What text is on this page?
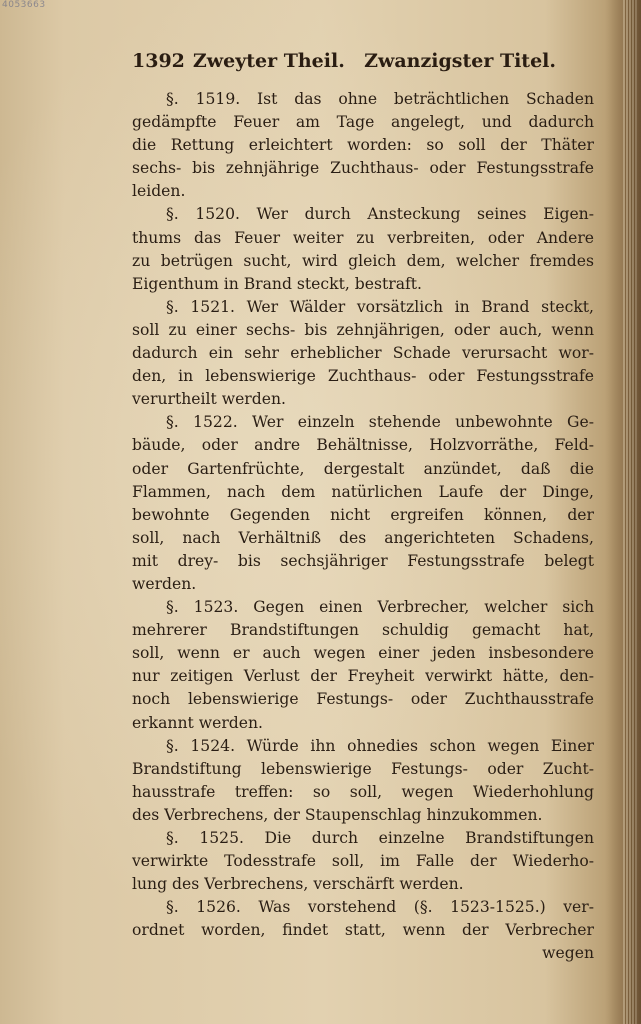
4053663
1392 Zweyter Theil. Zwanzigster Titel.
§. 1519. Ist das ohne beträchtlichen Schaden
gedämpfte Feuer am Tage angelegt, und dadurch
die Rettung erleichtert worden: so soll der Thäter
sechs- bis zehnjährige Zuchthaus- oder Festungsstrafe
leiden.
§. 1520. Wer durch Ansteckung seines Eigen-
thums das Feuer weiter zu verbreiten, oder Andere
zu betrügen sucht, wird gleich dem, welcher fremdes
Eigenthum in Brand steckt, bestraft.
§. 1521. Wer Wälder vorsätzlich in Brand steckt,
soll zu einer sechs- bis zehnjährigen, oder auch, wenn
dadurch ein sehr erheblicher Schade verursacht wor-
den, in lebenswierige Zuchthaus- oder Festungsstrafe
verurtheilt werden.
§. 1522. Wer einzeln stehende unbewohnte Ge-
bäude, oder andre Behältnisse, Holzvorräthe, Feld-
oder Gartenfrüchte, dergestalt anzündet, daß die
Flammen, nach dem natürlichen Laufe der Dinge,
bewohnte Gegenden nicht ergreifen können, der
soll, nach Verhältniß des angerichteten Schadens,
mit drey- bis sechsjähriger Festungsstrafe belegt
werden.
§. 1523. Gegen einen Verbrecher, welcher sich
mehrerer Brandstiftungen schuldig gemacht hat,
soll, wenn er auch wegen einer jeden insbesondere
nur zeitigen Verlust der Freyheit verwirkt hätte, den-
noch lebenswierige Festungs- oder Zuchthausstrafe
erkannt werden.
§. 1524. Würde ihn ohnedies schon wegen Einer
Brandstiftung lebenswierige Festungs- oder Zucht-
hausstrafe treffen: so soll, wegen Wiederhohlung
des Verbrechens, der Staupenschlag hinzukommen.
§. 1525. Die durch einzelne Brandstiftungen
verwirkte Todesstrafe soll, im Falle der Wiederho-
lung des Verbrechens, verschärft werden.
§. 1526. Was vorstehend (§. 1523-1525.) ver-
ordnet worden, findet statt, wenn der Verbrecher
wegen
